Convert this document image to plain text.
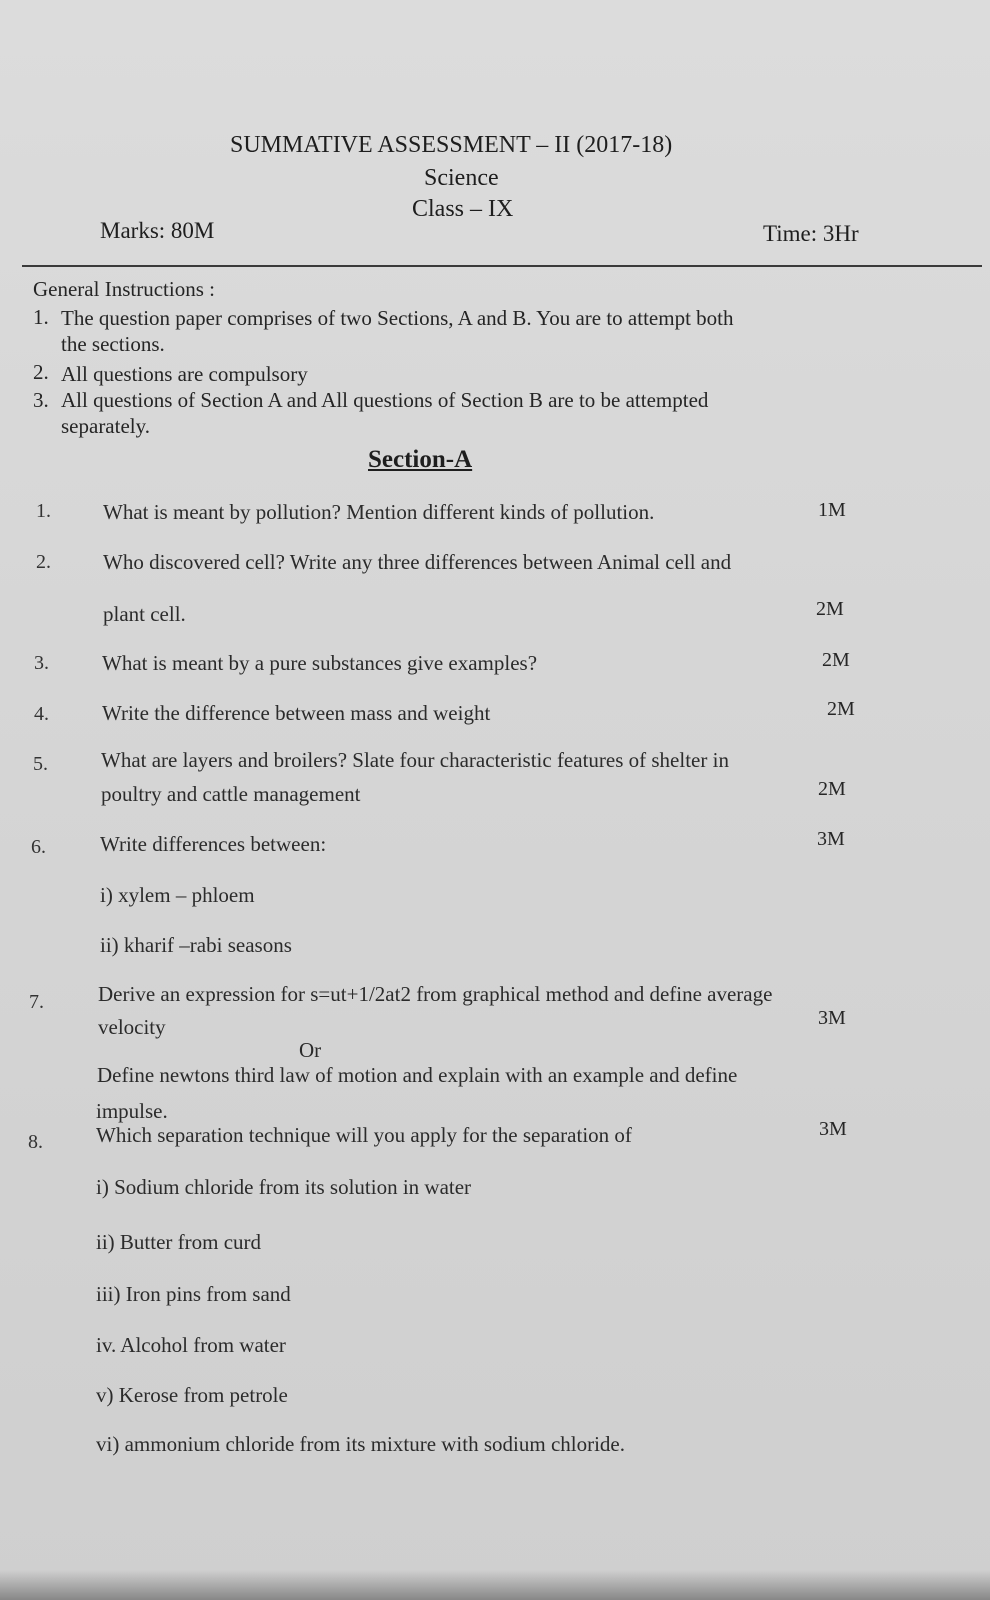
SUMMATIVE ASSESSMENT – II (2017-18)
Science
Class – IX
Marks: 80M	Time: 3Hr
General Instructions :
1. The question paper comprises of two Sections, A and B. You are to attempt both
the sections.
2. All questions are compulsory
3. All questions of Section A and All questions of Section B are to be attempted
separately.
Section-A
1. What is meant by pollution? Mention different kinds of pollution.	1M
2. Who discovered cell? Write any three differences between Animal cell and
plant cell.	2M
3.	What is meant by a pure substances give examples?	2M
4.	Write the difference between mass and weight	2M
5.	What are layers and broilers? Slate four characteristic features of shelter in
poultry and cattle management	2M
6.	Write differences between:	3M
i) xylem – phloem
ii) kharif –rabi seasons
7.	Derive an expression for s=ut+1/2at2 from graphical method and define average
velocity	3M
Or
Define newtons third law of motion and explain with an example and define
impulse.
8.	Which separation technique will you apply for the separation of	3M
i) Sodium chloride from its solution in water
ii) Butter from curd
iii) Iron pins from sand
iv. Alcohol from water
v) Kerose from petrole
vi) ammonium chloride from its mixture with sodium chloride.
